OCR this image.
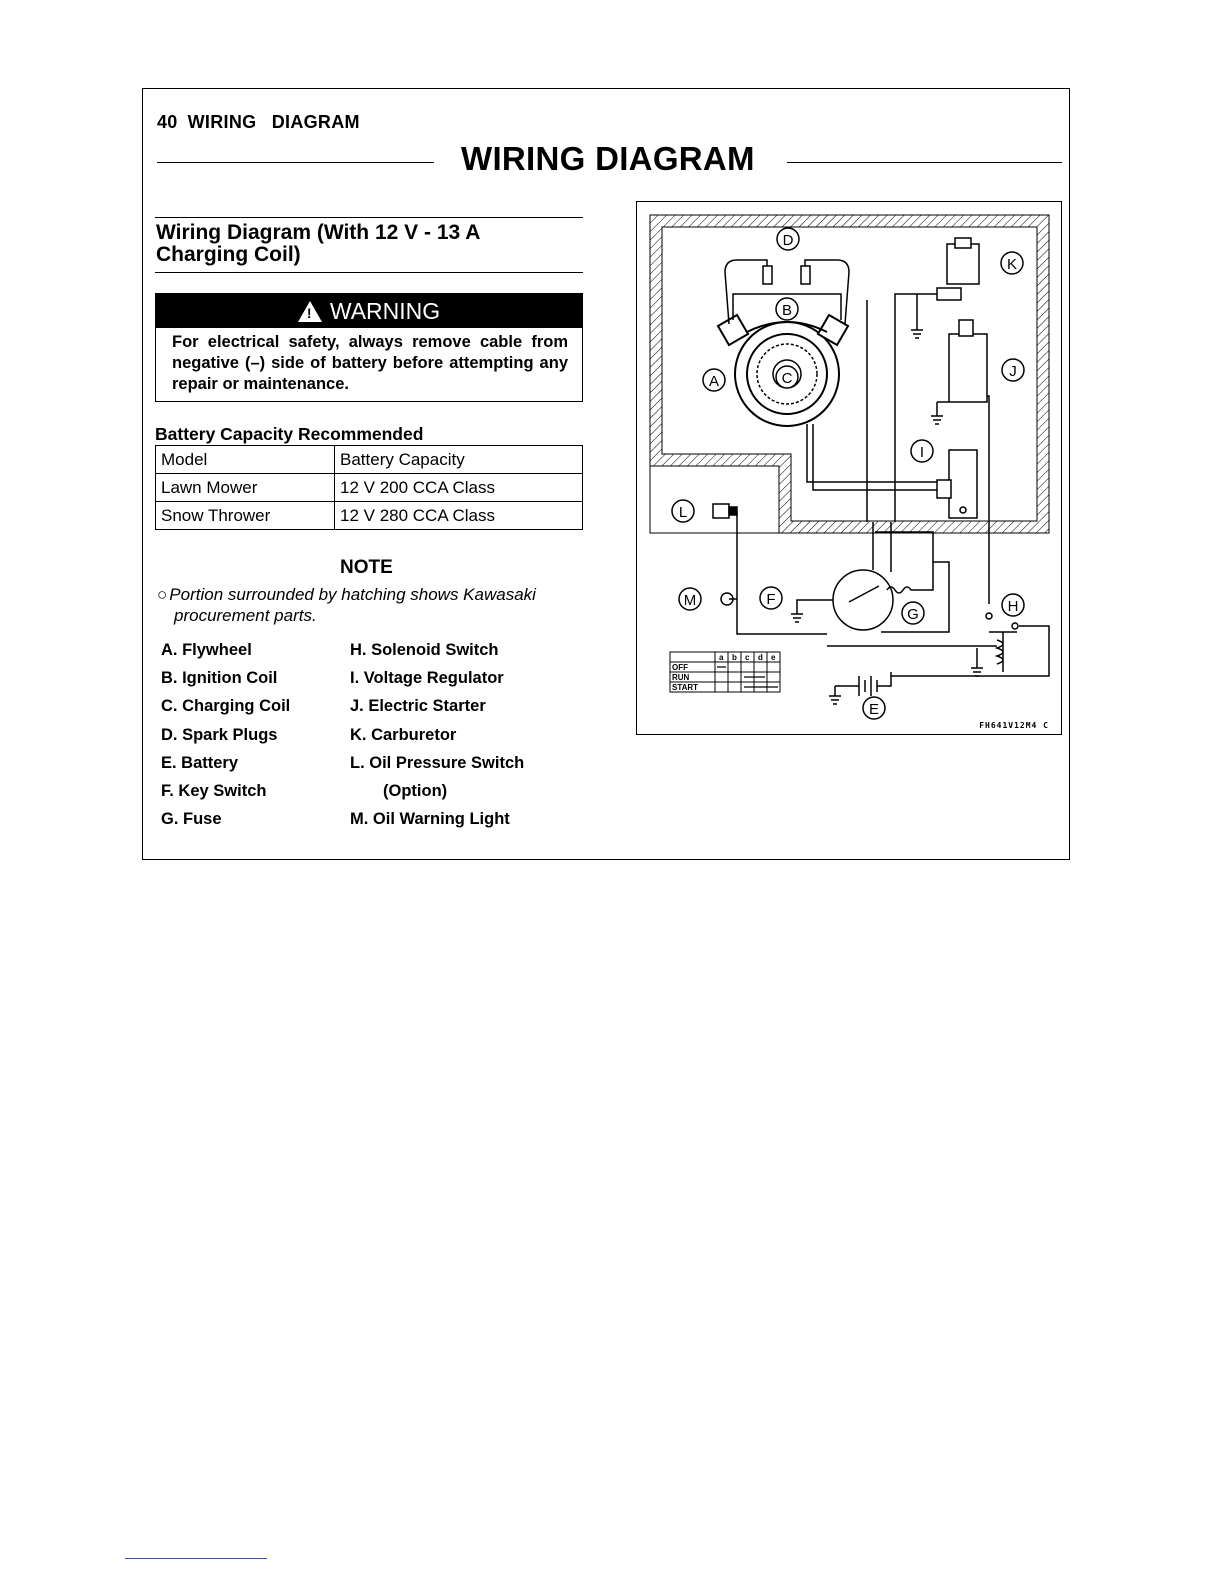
40 WIRING DIAGRAM
WIRING DIAGRAM
Wiring Diagram (With 12 V - 13 A
Charging Coil)
! WARNING
For electrical safety, always remove cable from negative (–) side of battery before attempting any repair or maintenance.
Battery Capacity Recommended
Model	Battery Capacity
Lawn Mower	12 V 200 CCA Class
Snow Thrower	12 V 280 CCA Class
NOTE
○ Portion surrounded by hatching shows Kawasaki
procurement parts.
A. Flywheel
B. Ignition Coil
C. Charging Coil
D. Spark Plugs
E. Battery
F. Key Switch
G. Fuse
H. Solenoid Switch
I. Voltage Regulator
J. Electric Starter
K. Carburetor
L. Oil Pressure Switch
(Option)
M. Oil Warning Light
a b c d e
OFF
RUN
START
A
B
C
D
E
F
G	H
I
J
K
L
M
FH641V12M4 C
